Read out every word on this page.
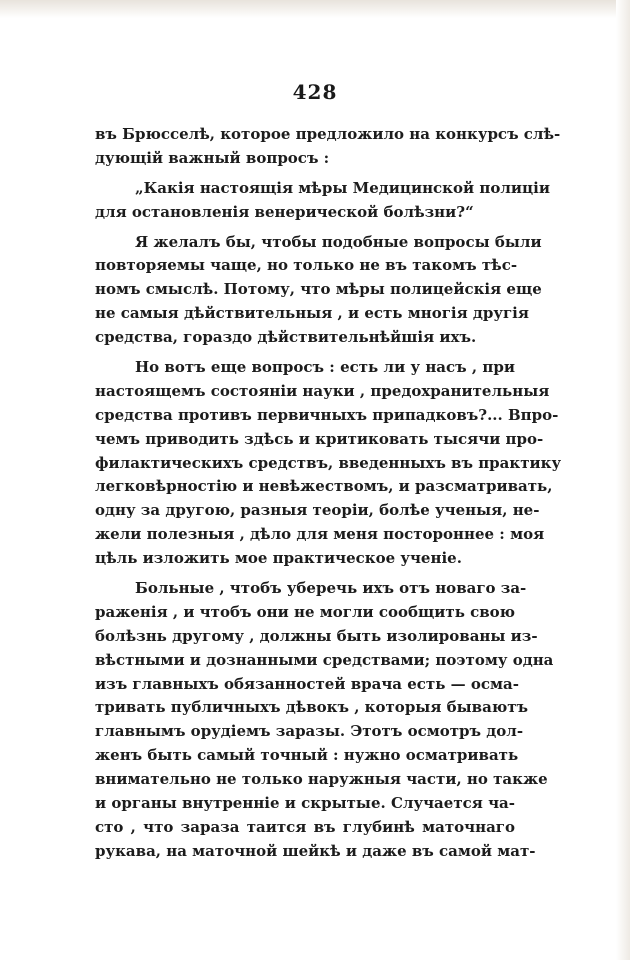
428
въ Брюсселѣ, которое предложило на конкурсъ слѣ-
дующій важный вопросъ :
„Какія настоящія мѣры Медицинской полиціи
для остановленія венерической болѣзни?“
Я желалъ бы, чтобы подобные вопросы были
повторяемы чаще, но только не въ такомъ тѣс-
номъ смыслѣ. Потому, что мѣры полицейскія еще
не самыя дѣйствительныя , и есть многія другія
средства, гораздо дѣйствительнѣйшія ихъ.
Но вотъ еще вопросъ : есть ли у насъ , при
настоящемъ состояніи науки , предохранительныя
средства противъ первичныхъ припадковъ?... Впро-
чемъ приводить здѣсь и критиковать тысячи про-
филактическихъ средствъ, введенныхъ въ практику
легковѣрностію и невѣжествомъ, и разсматривать,
одну за другою, разныя теоріи, болѣе ученыя, не-
жели полезныя , дѣло для меня постороннее : моя
цѣль изложить мое практическое ученіе.
Больные , чтобъ уберечь ихъ отъ новаго за-
раженія , и чтобъ они не могли сообщить свою
болѣзнь другому , должны быть изолированы из-
вѣстными и дознанными средствами; поэтому одна
изъ главныхъ обязанностей врача есть — осма-
тривать публичныхъ дѣвокъ , которыя бываютъ
главнымъ орудіемъ заразы. Этотъ осмотръ дол-
женъ быть самый точный : нужно осматривать
внимательно не только наружныя части, но также
и органы внутренніе и скрытые. Случается ча-
сто , что зараза таится въ глубинѣ маточнаго
рукава, на маточной шейкѣ и даже въ самой мат-
